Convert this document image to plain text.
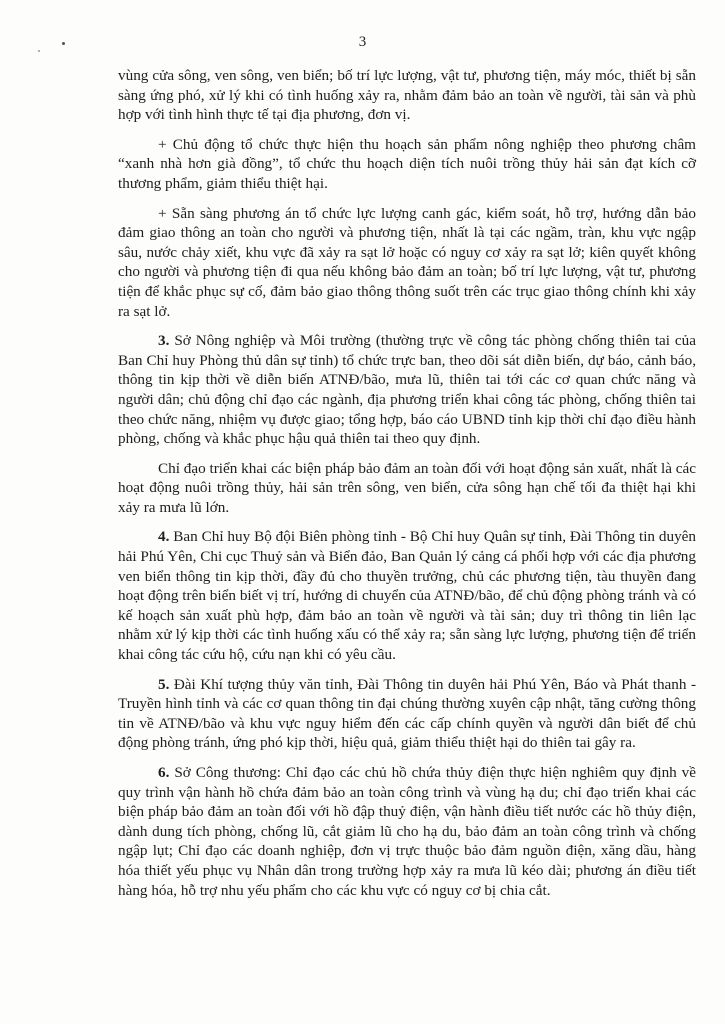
3

vùng cửa sông, ven sông, ven biển; bố trí lực lượng, vật tư, phương tiện, máy móc, thiết bị sẵn sàng ứng phó, xử lý khi có tình huống xảy ra, nhằm đảm bảo an toàn về người, tài sản và phù hợp với tình hình thực tế tại địa phương, đơn vị.

+ Chủ động tổ chức thực hiện thu hoạch sản phẩm nông nghiệp theo phương châm “xanh nhà hơn già đồng”, tổ chức thu hoạch diện tích nuôi trồng thủy hải sản đạt kích cỡ thương phẩm, giảm thiểu thiệt hại.

+ Sẵn sàng phương án tổ chức lực lượng canh gác, kiểm soát, hỗ trợ, hướng dẫn bảo đảm giao thông an toàn cho người và phương tiện, nhất là tại các ngầm, tràn, khu vực ngập sâu, nước chảy xiết, khu vực đã xảy ra sạt lở hoặc có nguy cơ xảy ra sạt lở; kiên quyết không cho người và phương tiện đi qua nếu không bảo đảm an toàn; bố trí lực lượng, vật tư, phương tiện để khắc phục sự cố, đảm bảo giao thông thông suốt trên các trục giao thông chính khi xảy ra sạt lở.

3. Sở Nông nghiệp và Môi trường (thường trực về công tác phòng chống thiên tai của Ban Chỉ huy Phòng thủ dân sự tỉnh) tổ chức trực ban, theo dõi sát diễn biến, dự báo, cảnh báo, thông tin kịp thời về diễn biến ATNĐ/bão, mưa lũ, thiên tai tới các cơ quan chức năng và người dân; chủ động chỉ đạo các ngành, địa phương triển khai công tác phòng, chống thiên tai theo chức năng, nhiệm vụ được giao; tổng hợp, báo cáo UBND tỉnh kịp thời chỉ đạo điều hành phòng, chống và khắc phục hậu quả thiên tai theo quy định.

Chỉ đạo triển khai các biện pháp bảo đảm an toàn đối với hoạt động sản xuất, nhất là các hoạt động nuôi trồng thủy, hải sản trên sông, ven biển, cửa sông hạn chế tối đa thiệt hại khi xảy ra mưa lũ lớn.

4. Ban Chỉ huy Bộ đội Biên phòng tỉnh - Bộ Chỉ huy Quân sự tỉnh, Đài Thông tin duyên hải Phú Yên, Chi cục Thuỷ sản và Biển đảo, Ban Quản lý cảng cá phối hợp với các địa phương ven biển thông tin kịp thời, đầy đủ cho thuyền trưởng, chủ các phương tiện, tàu thuyền đang hoạt động trên biển biết vị trí, hướng di chuyển của ATNĐ/bão, để chủ động phòng tránh và có kế hoạch sản xuất phù hợp, đảm bảo an toàn về người và tài sản; duy trì thông tin liên lạc nhằm xử lý kịp thời các tình huống xấu có thể xảy ra; sẵn sàng lực lượng, phương tiện để triển khai công tác cứu hộ, cứu nạn khi có yêu cầu.

5. Đài Khí tượng thủy văn tỉnh, Đài Thông tin duyên hải Phú Yên, Báo và Phát thanh - Truyền hình tỉnh và các cơ quan thông tin đại chúng thường xuyên cập nhật, tăng cường thông tin về ATNĐ/bão và khu vực nguy hiểm đến các cấp chính quyền và người dân biết để chủ động phòng tránh, ứng phó kịp thời, hiệu quả, giảm thiểu thiệt hại do thiên tai gây ra.

6. Sở Công thương: Chỉ đạo các chủ hồ chứa thủy điện thực hiện nghiêm quy định về quy trình vận hành hồ chứa đảm bảo an toàn công trình và vùng hạ du; chỉ đạo triển khai các biện pháp bảo đảm an toàn đối với hồ đập thuỷ điện, vận hành điều tiết nước các hồ thủy điện, dành dung tích phòng, chống lũ, cắt giảm lũ cho hạ du, bảo đảm an toàn công trình và chống ngập lụt; Chỉ đạo các doanh nghiệp, đơn vị trực thuộc bảo đảm nguồn điện, xăng dầu, hàng hóa thiết yếu phục vụ Nhân dân trong trường hợp xảy ra mưa lũ kéo dài; phương án điều tiết hàng hóa, hỗ trợ nhu yếu phẩm cho các khu vực có nguy cơ bị chia cắt.
